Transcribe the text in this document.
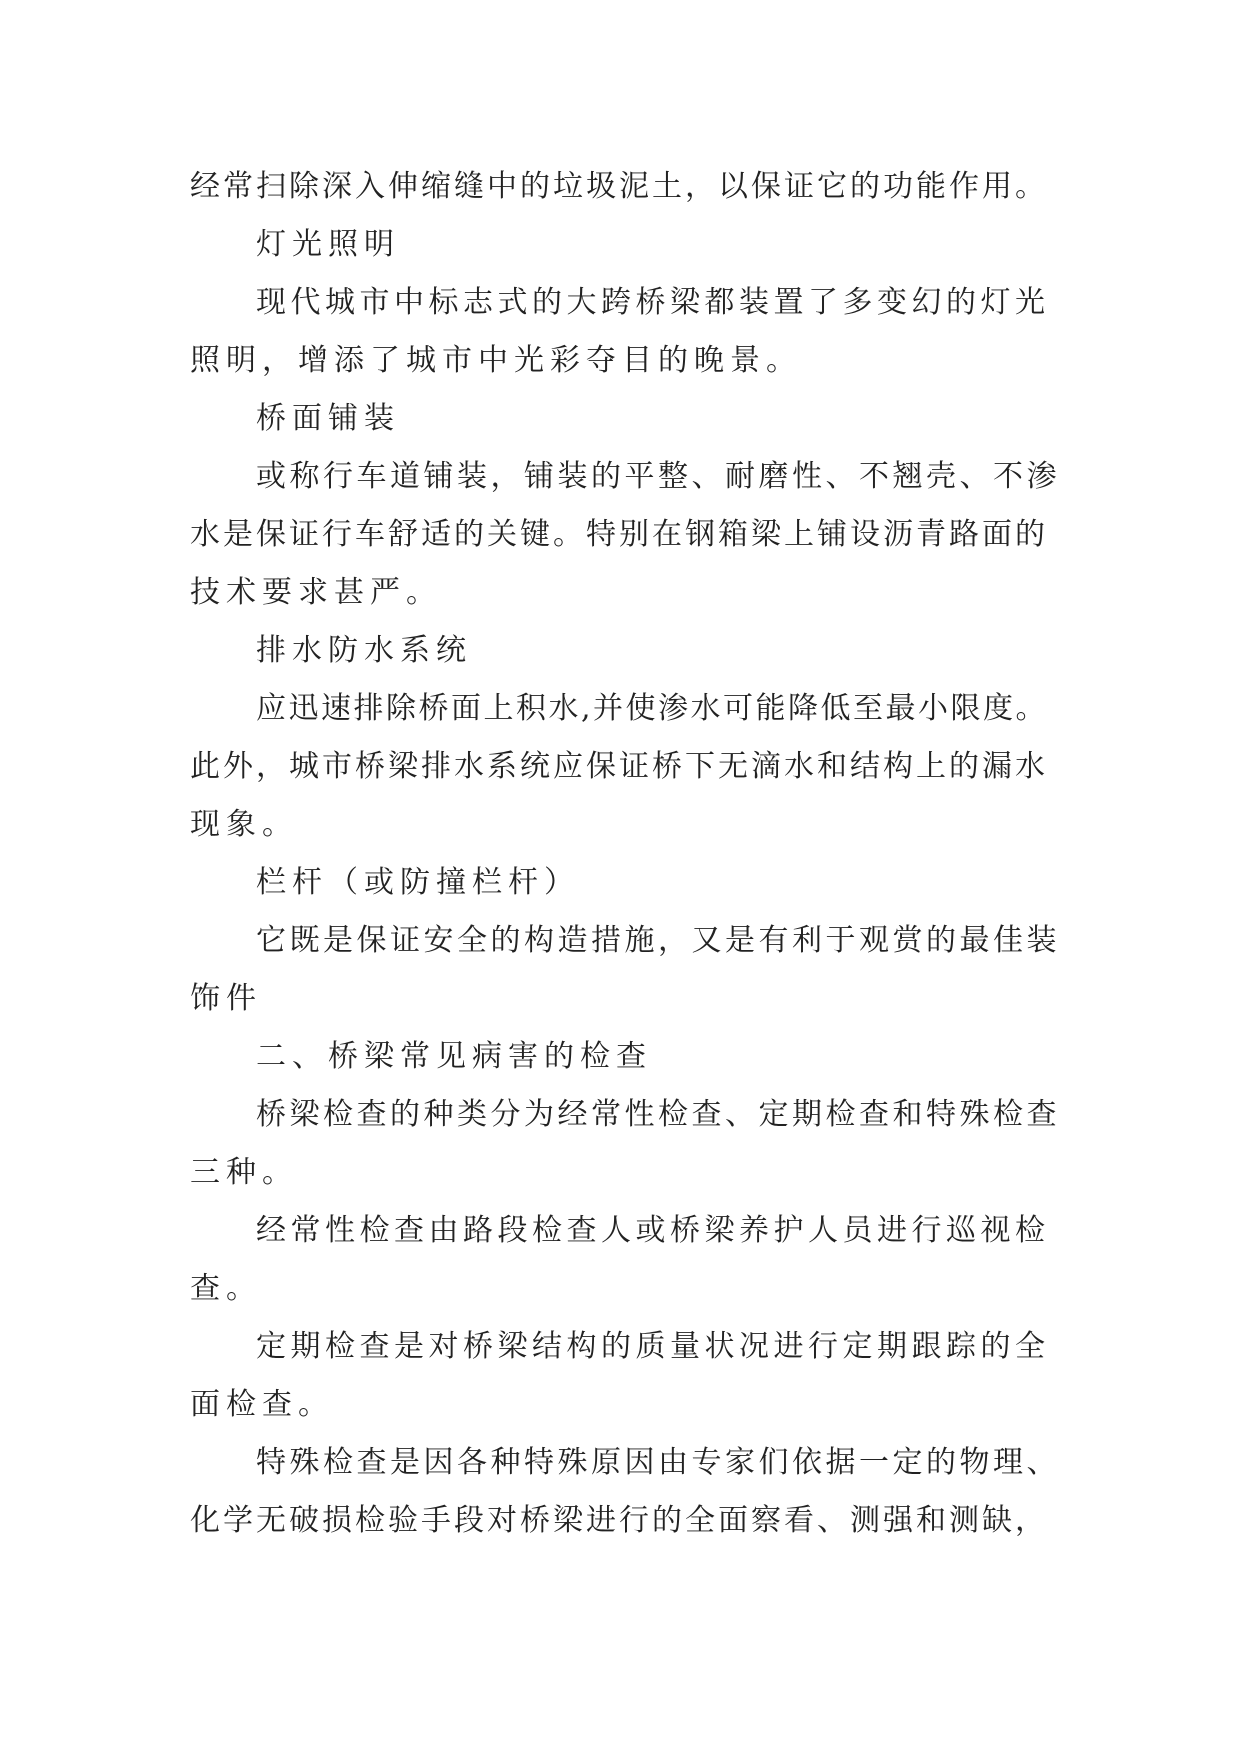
经常扫除深入伸缩缝中的垃圾泥土，以保证它的功能作用。
灯光照明
现代城市中标志式的大跨桥梁都装置了多变幻的灯光
照明，增添了城市中光彩夺目的晚景。
桥面铺装
或称行车道铺装，铺装的平整、耐磨性、不翘壳、不渗
水是保证行车舒适的关键。特别在钢箱梁上铺设沥青路面的
技术要求甚严。
排水防水系统
应迅速排除桥面上积水,并使渗水可能降低至最小限度。
此外，城市桥梁排水系统应保证桥下无滴水和结构上的漏水
现象。
栏杆（或防撞栏杆）
它既是保证安全的构造措施，又是有利于观赏的最佳装
饰件
二、桥梁常见病害的检查
桥梁检查的种类分为经常性检查、定期检查和特殊检查
三种。
经常性检查由路段检查人或桥梁养护人员进行巡视检
查。
定期检查是对桥梁结构的质量状况进行定期跟踪的全
面检查。
特殊检查是因各种特殊原因由专家们依据一定的物理、
化学无破损检验手段对桥梁进行的全面察看、测强和测缺，
